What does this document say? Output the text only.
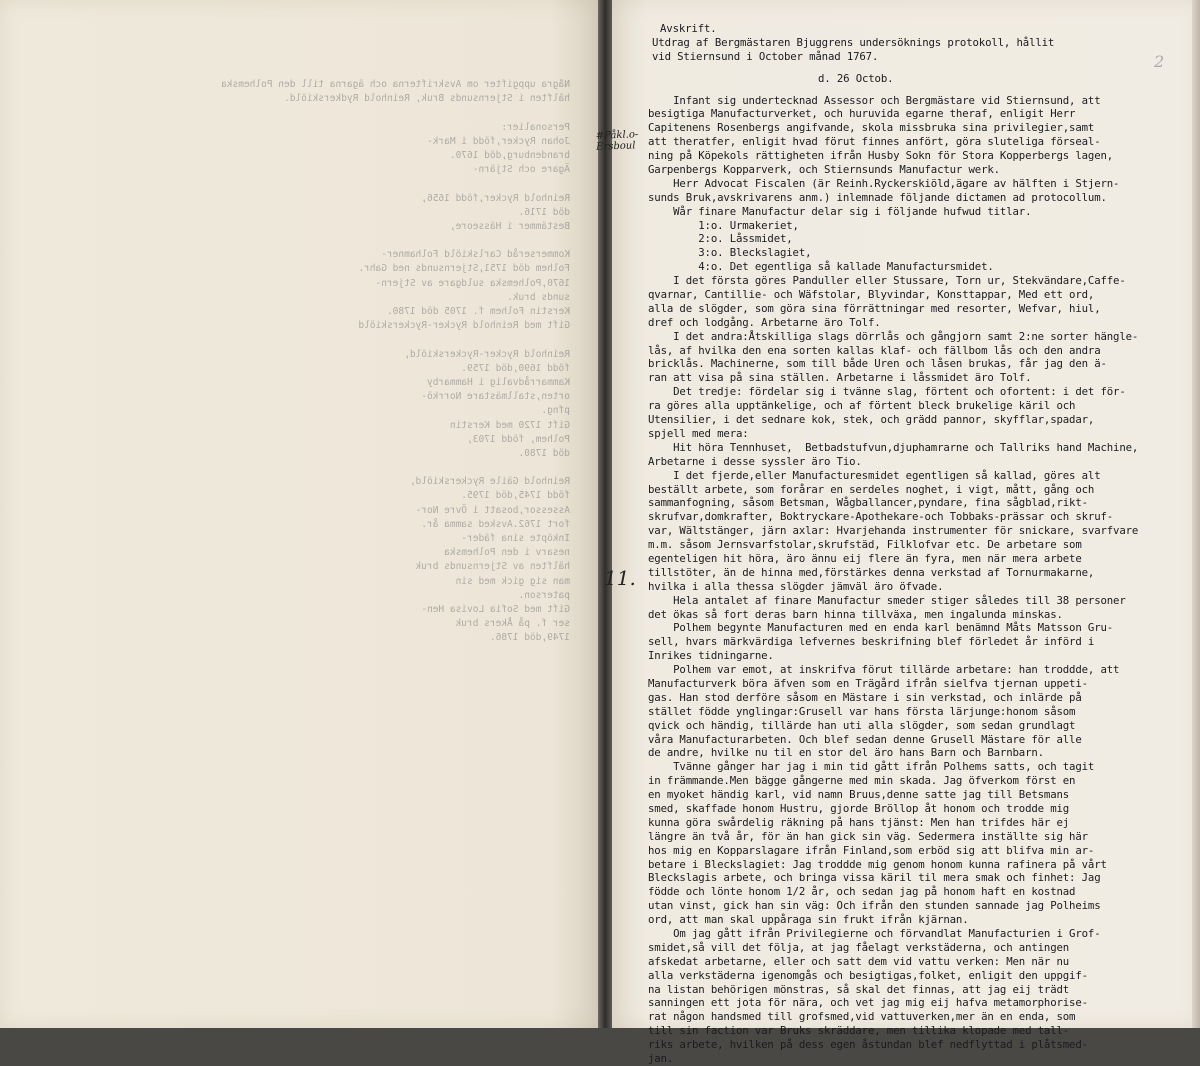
Några uppgifter om Avskrifterna och ägarna till den Polhemska
hälften i Stjernsunds Bruk, Reinhold Rydkerskiöld.
Personalier:
Johan Rycker,född i Mark-
brandenburg,död 1670.
Ägare och Stjärn-
Reinhold Rycker,född 1656,
död 1716.
Bestämmer i Hässeore,
Kommerseråd Carlskiöld Folhamner-
Folhem död 1751,Stjernsunds ned Gahr.
1670,Polhemska suldgare av Stjern-
sunds bruk.
Kerstin Folhem f. 1705 död 1780.
Gift med Reinhold Rycker-Ryckerskiöld
Reinhold Rycker-Ryckerskiöld,
född 1690,död 1759.
Kammarrådvalig i Hammarby
orten,stallmästare Norrkö-
pfng.
Gift 1720 med Kerstin
Polhem, född 1703,
död 1780.
Reinhold Gäile Ryckerskiöld,
född 1745,död 1795.
Assessor,bosatt i Övre Nor-
fort 1762.Avsked samma år.
Inköpte sina fäder-
nesarv i den Polhemska
hälften av Stjernsunds bruk
man sig gick med sin
paterson.
Gift med Sofia Lovisa Hen-
ser f. på Åkers bruk
1749,död 1786.
Avskrift.
Utdrag af Bergmästaren Bjuggrens undersöknings protokoll, hållit
vid Stiernsund i October månad 1767.
d. 26 Octob.
Infant sig undertecknad Assessor och Bergmästare vid Stiernsund, att
besigtiga Manufacturverket, och huruvida egarne theraf, enligit Herr
Capitenens Rosenbergs angifvande, skola missbruka sina privilegier,samt
att theratfer, enligit hvad förut finnes anfört, göra sluteliga förseal-
ning på Köpekols rättigheten ifrån Husby Sokn för Stora Kopperbergs lagen,
Garpenbergs Kopparverk, och Stiernsunds Manufactur werk.
Herr Advocat Fiscalen (är Reinh.Ryckerskiöld,ägare av hälften i Stjern-
sunds Bruk,avskrivarens anm.) inlemnade följande dictamen ad protocollum.
Wår finare Manufactur delar sig i följande hufwud titlar.
1:o. Urmakeriet,
2:o. Låssmidet,
3:o. Bleckslagiet,
4:o. Det egentliga så kallade Manufactursmidet.
I det första göres Panduller eller Stussare, Torn ur, Stekvändare,Caffe-
qvarnar, Cantillie- och Wäfstolar, Blyvindar, Konsttappar, Med ett ord,
alla de slögder, som göra sina förrättningar med resorter, Wefvar, hiul,
dref och lodgång. Arbetarne äro Tolf.
I det andra:Åtskilliga slags dörrlås och gångjorn samt 2:ne sorter hängle-
lås, af hvilka den ena sorten kallas klaf- och fällbom lås och den andra
bricklås. Machinerne, som till både Uren och låsen brukas, får jag den ä-
ran att visa på sina ställen. Arbetarne i låssmidet äro Tolf.
Det tredje: fördelar sig i tvänne slag, förtent och ofortent: i det för-
ra göres alla upptänkelige, och af förtent bleck brukelige käril och
Utensilier, i det sednare kok, stek, och grädd pannor, skyfflar,spadar,
spjell med mera:
Hit höra Tennhuset,  Betbadstufvun,djuphamrarne och Tallriks hand Machine,
Arbetarne i desse syssler äro Tio.
I det fjerde,eller Manufacturesmidet egentligen så kallad, göres alt
beställt arbete, som forårar en serdeles noghet, i vigt, mått, gång och
sammanfogning, såsom Betsman, Wågballancer,pyndare, fina sågblad,rikt-
skrufvar,domkrafter, Boktryckare-Apothekare-och Tobbaks-prässar och skruf-
var, Wältstänger, järn axlar: Hvarjehanda instrumenter för snickare, svarfvare
m.m. såsom Jernsvarfstolar,skrufstäd, Filklofvar etc. De arbetare som
egenteligen hit höra, äro ännu eij flere än fyra, men när mera arbete
tillstöter, än de hinna med,förstärkes denna verkstad af Tornurmakarne,
hvilka i alla thessa slögder jämväl äro öfvade.
Hela antalet af finare Manufactur smeder stiger således till 38 personer
det ökas så fort deras barn hinna tillväxa, men ingalunda minskas.
Polhem begynte Manufacturen med en enda karl benämnd Måts Matsson Gru-
sell, hvars märkvärdiga lefvernes beskrifning blef förledet år införd i
Inrikes tidningarne.
Polhem var emot, at inskrifva förut tillärde arbetare: han troddde, att
Manufacturverk böra äfven som en Trägård ifrån sielfva tjernan uppeti-
gas. Han stod derföre såsom en Mästare i sin verkstad, och inlärde på
stället födde ynglingar:Grusell var hans första lärjunge:honom såsom
qvick och händig, tillärde han uti alla slögder, som sedan grundlagt
våra Manufacturarbeten. Och blef sedan denne Grusell Mästare för alle
de andre, hvilke nu til en stor del äro hans Barn och Barnbarn.
Tvänne gånger har jag i min tid gått ifrån Polhems satts, och tagit
in främmande.Men bägge gångerne med min skada. Jag öfverkom först en
en myoket händig karl, vid namn Bruus,denne satte jag till Betsmans
smed, skaffade honom Hustru, gjorde Bröllop åt honom och trodde mig
kunna göra swårdelig räkning på hans tjänst: Men han trifdes här ej
längre än två år, för än han gick sin väg. Sedermera inställte sig här
hos mig en Kopparslagare ifrån Finland,som erböd sig att blifva min ar-
betare i Bleckslagiet: Jag troddde mig genom honom kunna rafinera på vårt
Bleckslagis arbete, och bringa vissa käril til mera smak och finhet: Jag
födde och lönte honom 1/2 år, och sedan jag på honom haft en kostnad
utan vinst, gick han sin väg: Och ifrån den stunden sannade jag Polheims
ord, att man skal uppåraga sin frukt ifrån kjärnan.
Om jag gått ifrån Privilegierne och förvandlat Manufacturien i Grof-
smidet,så vill det följa, at jag fåelagt verkstäderna, och antingen
afskedat arbetarne, eller och satt dem vid vattu verken: Men när nu
alla verkstäderna igenomgås och besigtigas,folket, enligit den uppgif-
na listan behörigen mönstras, så skal det finnas, att jag eij trädt
sanningen ett jota för nära, och vet jag mig eij hafva metamorphorise-
rat någon handsmed till grofsmed,vid vattuverken,mer än en enda, som
till sin faction var Bruks skräddare, men tillika klopade med tall-
riks arbete, hvilken på dess egen åstundan blef nedflyttad i plåtsmed-
jan.
#Påkl.o-
Ersboul
11.
2
